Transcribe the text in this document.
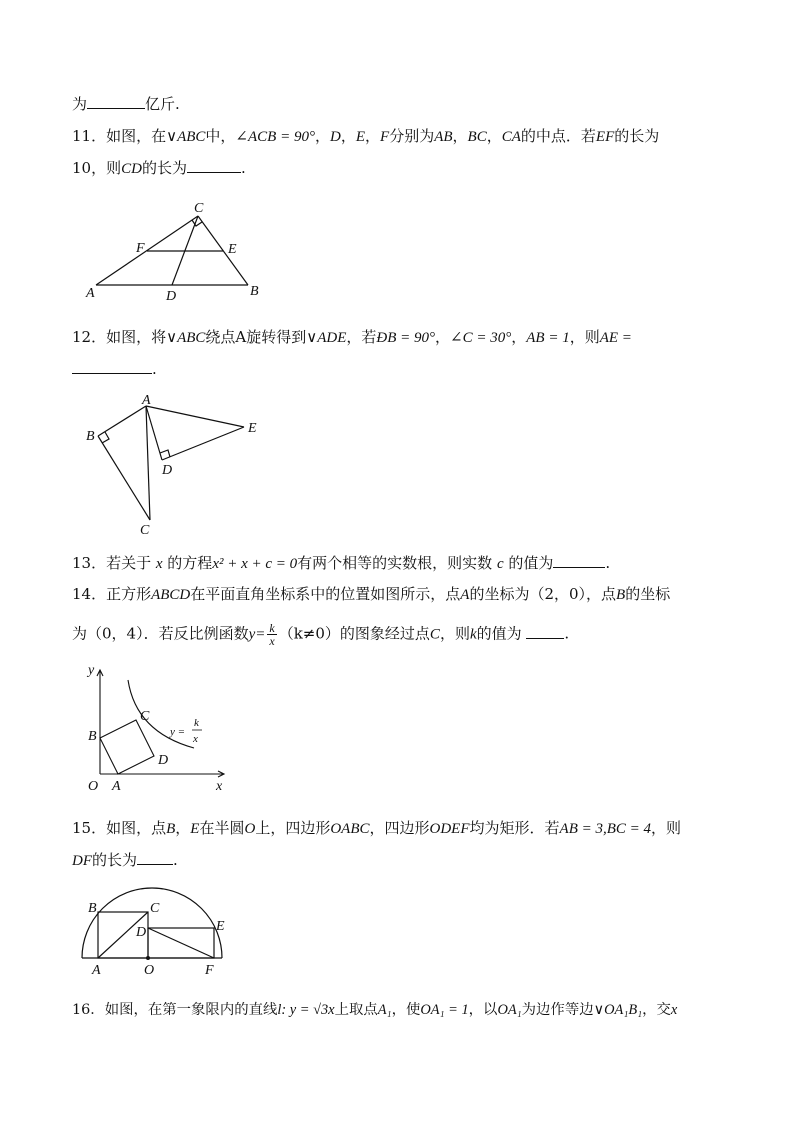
为	亿斤.
11．如图，在∨ABC中，∠ACB = 90°，D，E，F分别为AB，BC，CA的中点．若EF的长为
10，则CD的长为	.
C
F	E
A	D	B
12．如图，将∨ABC绕点A旋转得到∨ADE，若ÐB = 90°，∠C = 30°，AB = 1，则AE =
.
A
B
E
D
C
13．若关于 x 的方程x² + x + c = 0有两个相等的实数根，则实数 c 的值为	.
14．正方形ABCD在平面直角坐标系中的位置如图所示，点A的坐标为（2，0），点B的坐标
为（0，4）．若反比例函数$y= \frac{k}{x} (k\ne 0)$的图象经过点C，则k的值为	.
y
x
O A
B
C
D
y =
k
x
15．如图，点B，E在半圆O上，四边形OABC，四边形ODEF均为矩形．若AB = 3,BC = 4，则
DF的长为 .
B	C
E
D
A	O	F
16．如图，在第一象限内的直线l: y = √3x上取点A₁，使OA₁ = 1，以OA₁为边作等边∨OA₁B₁，交x
